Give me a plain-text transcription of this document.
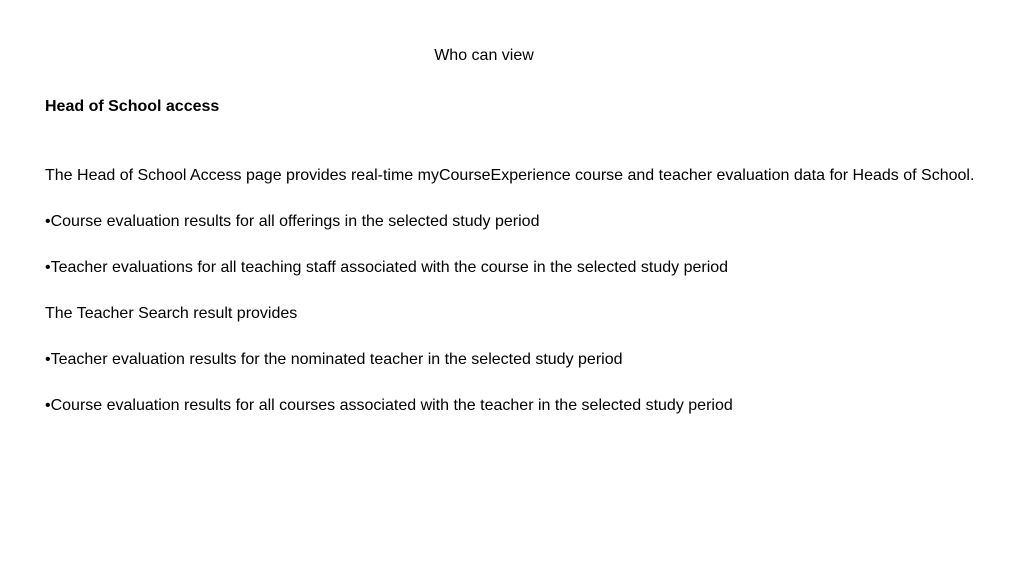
Who can view

Head of School access

The Head of School Access page provides real-time myCourseExperience course and teacher evaluation data for Heads of School.

•Course evaluation results for all offerings in the selected study period

•Teacher evaluations for all teaching staff associated with the course in the selected study period

The Teacher Search result provides

•Teacher evaluation results for the nominated teacher in the selected study period

•Course evaluation results for all courses associated with the teacher in the selected study period
